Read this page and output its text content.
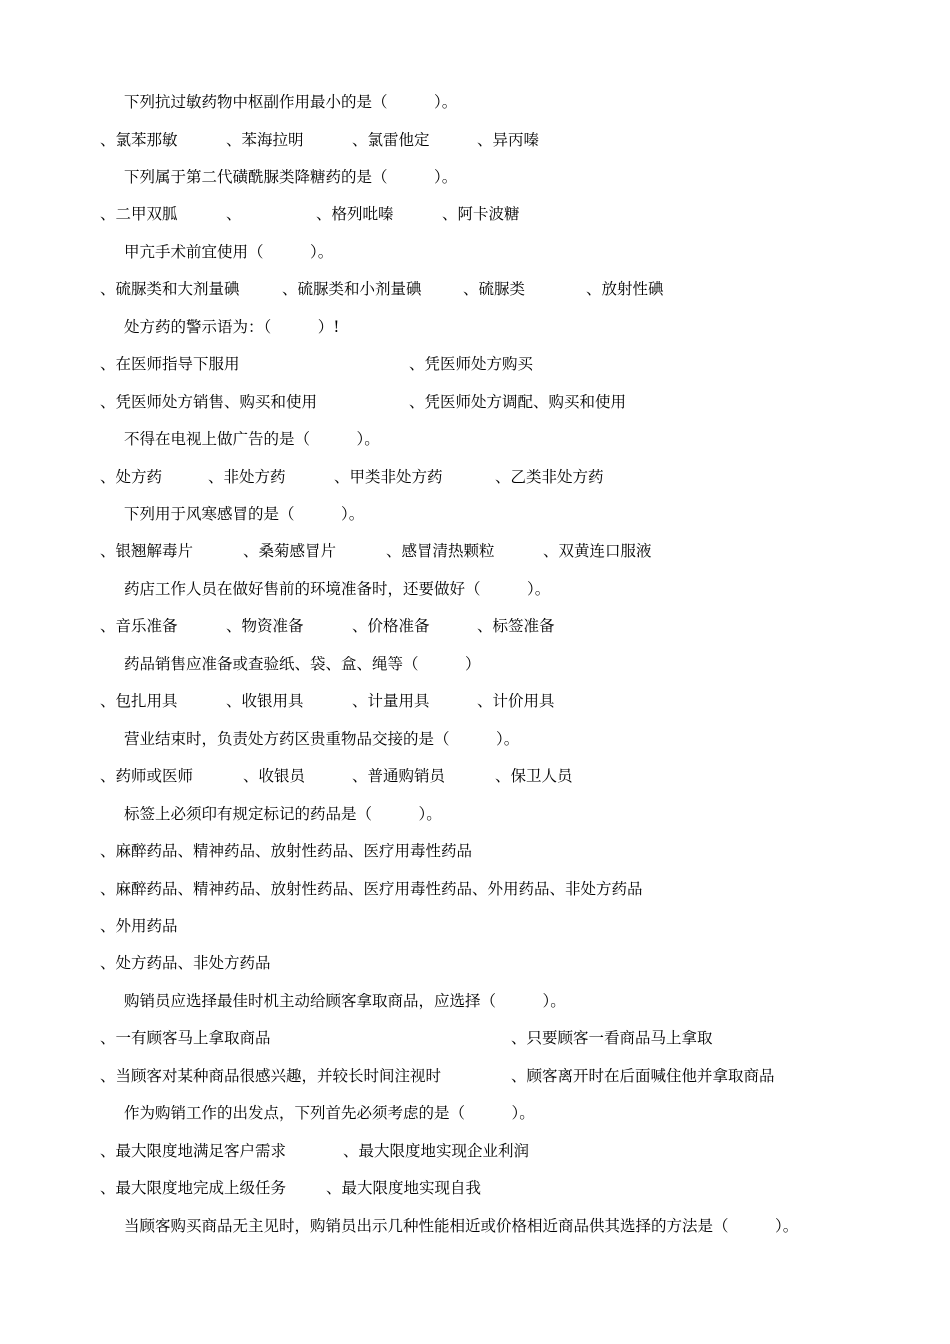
下列抗过敏药物中枢副作用最小的是（　　　）。
、氯苯那敏	、苯海拉明	、氯雷他定	、异丙嗪
下列属于第二代磺酰脲类降糖药的是（　　　）。
、二甲双胍	、	、格列吡嗪	、阿卡波糖
甲亢手术前宜使用（　　　）。
、硫脲类和大剂量碘	、硫脲类和小剂量碘	、硫脲类	、放射性碘
处方药的警示语为：（　　　）!
、在医师指导下服用	、凭医师处方购买
、凭医师处方销售、购买和使用	、凭医师处方调配、购买和使用
不得在电视上做广告的是（　　　）。
、处方药	、非处方药	、甲类非处方药	、乙类非处方药
下列用于风寒感冒的是（　　　）。
、银翘解毒片	、桑菊感冒片	、感冒清热颗粒	、双黄连口服液
药店工作人员在做好售前的环境准备时，还要做好（　　　）。
、音乐准备	、物资准备	、价格准备	、标签准备
药品销售应准备或查验纸、袋、盒、绳等（　　　）
、包扎用具	、收银用具	、计量用具	、计价用具
营业结束时，负责处方药区贵重物品交接的是（　　　）。
、药师或医师	、收银员	、普通购销员	、保卫人员
标签上必须印有规定标记的药品是（　　　）。
、麻醉药品、精神药品、放射性药品、医疗用毒性药品
、麻醉药品、精神药品、放射性药品、医疗用毒性药品、外用药品、非处方药品
、外用药品
、处方药品、非处方药品
购销员应选择最佳时机主动给顾客拿取商品，应选择（　　　）。
、一有顾客马上拿取商品	、只要顾客一看商品马上拿取
、当顾客对某种商品很感兴趣，并较长时间注视时	、顾客离开时在后面喊住他并拿取商品
作为购销工作的出发点，下列首先必须考虑的是（　　　）。
、最大限度地满足客户需求	、最大限度地实现企业利润
、最大限度地完成上级任务	、最大限度地实现自我
当顾客购买商品无主见时，购销员出示几种性能相近或价格相近商品供其选择的方法是（　　　）。
